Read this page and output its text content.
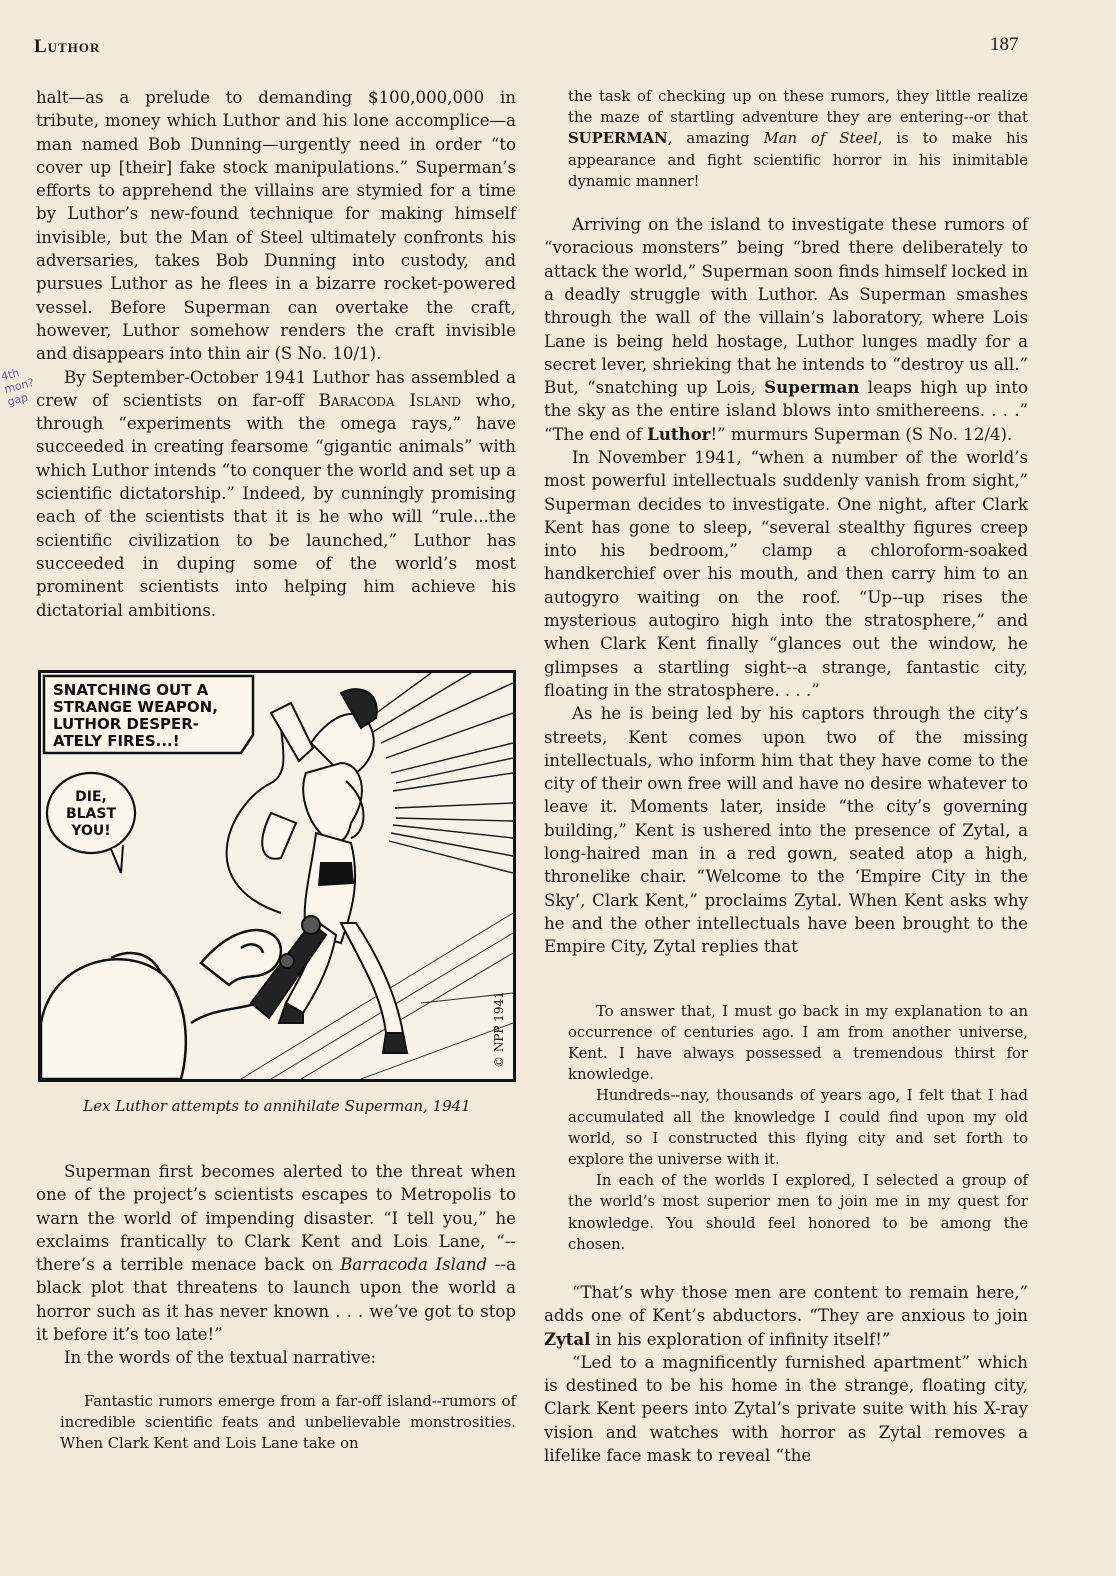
Luthor	187
4th mon? gap

halt—as a prelude to demanding $100,000,000 in tribute, money which Luthor and his lone accomplice—a man named Bob Dunning—urgently need in order “to cover up [their] fake stock manipulations.” Superman’s efforts to apprehend the villains are stymied for a time by Luthor’s new-found technique for making himself invisible, but the Man of Steel ultimately confronts his adversaries, takes Bob Dunning into custody, and pursues Luthor as he flees in a bizarre rocket-powered vessel. Before Superman can overtake the craft, however, Luthor somehow renders the craft invisible and disappears into thin air (S No. 10/1).

By September-October 1941 Luthor has assembled a crew of scientists on far-off Baracoda Island who, through “experiments with the omega rays,” have succeeded in creating fearsome “gigantic animals” with which Luthor intends “to conquer the world and set up a scientific dictatorship.” Indeed, by cunningly promising each of the scientists that it is he who will “rule...the scientific civilization to be launched,” Luthor has succeeded in duping some of the world’s most prominent scientists into helping him achieve his dictatorial ambitions.

SNATCHING OUT A
STRANGE WEAPON,
LUTHOR DESPER-
ATELY FIRES...!
DIE,
BLAST
YOU!
© NPP 1941
Lex Luthor attempts to annihilate Superman, 1941

Superman first becomes alerted to the threat when one of the project’s scientists escapes to Metropolis to warn the world of impending disaster. “I tell you,” he exclaims frantically to Clark Kent and Lois Lane, “--there’s a terrible menace back on Barracoda Island --a black plot that threatens to launch upon the world a horror such as it has never known . . . we’ve got to stop it before it’s too late!”

In the words of the textual narrative:

Fantastic rumors emerge from a far-off island--rumors of incredible scientific feats and unbelievable monstrosities. When Clark Kent and Lois Lane take on

the task of checking up on these rumors, they little realize the maze of startling adventure they are entering--or that SUPERMAN, amazing Man of Steel, is to make his appearance and fight scientific horror in his inimitable dynamic manner!

Arriving on the island to investigate these rumors of “voracious monsters” being “bred there deliberately to attack the world,” Superman soon finds himself locked in a deadly struggle with Luthor. As Superman smashes through the wall of the villain’s laboratory, where Lois Lane is being held hostage, Luthor lunges madly for a secret lever, shrieking that he intends to “destroy us all.” But, “snatching up Lois, Superman leaps high up into the sky as the entire island blows into smithereens. . . .” “The end of Luthor!” murmurs Superman (S No. 12/4).

In November 1941, “when a number of the world’s most powerful intellectuals suddenly vanish from sight,” Superman decides to investigate. One night, after Clark Kent has gone to sleep, “several stealthy figures creep into his bedroom,” clamp a chloroform-soaked handkerchief over his mouth, and then carry him to an autogyro waiting on the roof. “Up--up rises the mysterious autogiro high into the stratosphere,” and when Clark Kent finally “glances out the window, he glimpses a startling sight--a strange, fantastic city, floating in the stratosphere. . . .”

As he is being led by his captors through the city’s streets, Kent comes upon two of the missing intellectuals, who inform him that they have come to the city of their own free will and have no desire whatever to leave it. Moments later, inside “the city’s governing building,” Kent is ushered into the presence of Zytal, a long-haired man in a red gown, seated atop a high, thronelike chair. “Welcome to the ‘Empire City in the Sky’, Clark Kent,” proclaims Zytal. When Kent asks why he and the other intellectuals have been brought to the Empire City, Zytal replies that

To answer that, I must go back in my explanation to an occurrence of centuries ago. I am from another universe, Kent. I have always possessed a tremendous thirst for knowledge.

Hundreds--nay, thousands of years ago, I felt that I had accumulated all the knowledge I could find upon my old world, so I constructed this flying city and set forth to explore the universe with it.

In each of the worlds I explored, I selected a group of the world’s most superior men to join me in my quest for knowledge. You should feel honored to be among the chosen.

“That’s why those men are content to remain here,” adds one of Kent’s abductors. “They are anxious to join Zytal in his exploration of infinity itself!”

“Led to a magnificently furnished apartment” which is destined to be his home in the strange, floating city, Clark Kent peers into Zytal’s private suite with his X-ray vision and watches with horror as Zytal removes a lifelike face mask to reveal “the
